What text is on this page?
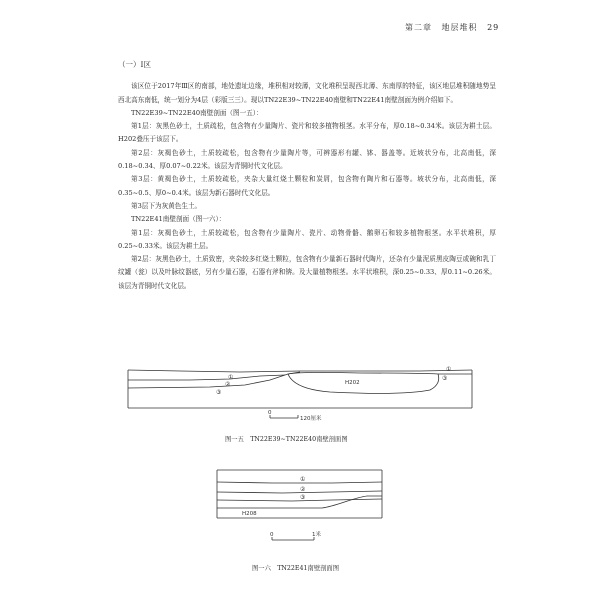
第二章 地层堆积 29

（一）Ⅰ区

该区位于2017年Ⅲ区的南部，地处遗址边缘，堆积相对较薄，文化堆积呈现西北薄、东南厚的特征，该区地层堆积随地势呈西北高东南低，统一划分为4层（彩版三三）。现以TN22E39~TN22E40南壁和TN22E41南壁剖面为例介绍如下。

TN22E39~TN22E40南壁剖面（图一五）：

第1层：灰黑色砂土，土质疏松，包含物有少量陶片、瓷片和较多植物根茎。水平分布，厚0.18~0.34米。该层为耕土层。H202叠压于该层下。

第2层：灰褐色砂土，土质较疏松，包含物有少量陶片等，可辨器形有罐、钵、器盖等。近坡状分布，北高南低，深0.18~0.34、厚0.07~0.22米。该层为青铜时代文化层。

第3层：黄褐色砂土，土质较疏松，夹杂大量红烧土颗粒和炭屑，包含物有陶片和石器等。坡状分布，北高南低，深0.35~0.5、厚0~0.4米。该层为新石器时代文化层。

第3层下为灰黄色生土。

TN22E41南壁剖面（图一六）：

第1层：灰褐色砂土，土质较疏松，包含物有少量陶片、瓷片、动物骨骼、鹅卵石和较多植物根茎。水平状堆积，厚0.25~0.33米。该层为耕土层。

第2层：灰黑色砂土，土质致密，夹杂较多红烧土颗粒，包含物有少量新石器时代陶片，还杂有少量泥质黑皮陶豆或碗和乳丁纹罐（瓮）以及叶脉纹器底，另有少量石器，石器有斧和锛。及大量植物根茎。水平状堆积，深0.25~0.33、厚0.11~0.26米。该层为青铜时代文化层。

①
②
③
①
③
H202
0
120厘米
图一五　TN22E39~TN22E40南壁剖面图
①
②
③
H208
0	1米
图一六　TN22E41南壁剖面图
